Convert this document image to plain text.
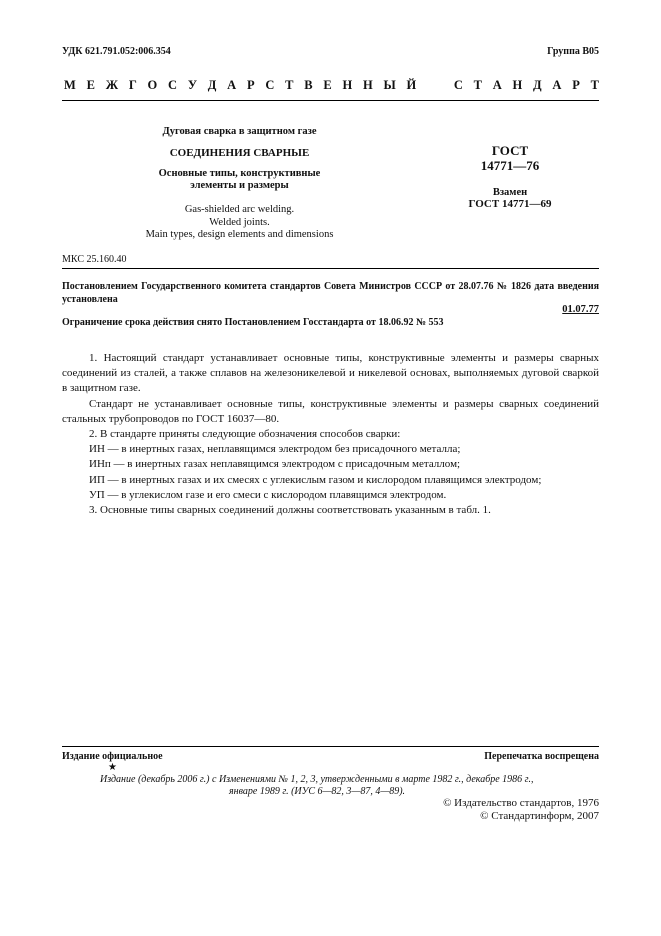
УДК 621.791.052:006.354	Группа В05
М Е Ж Г О С У Д А Р С Т В Е Н Н Ы Й	С Т А Н Д А Р Т
Дуговая сварка в защитном газе
СОЕДИНЕНИЯ СВАРНЫЕ
Основные типы, конструктивные
элементы и размеры
Gas-shielded arc welding.
Welded joints.
Main types, design elements and dimensions
ГОСТ
14771—76
Взамен
ГОСТ 14771—69
МКС 25.160.40
Постановлением Государственного комитета стандартов Совета Министров СССР от 28.07.76 № 1826 дата введения установлена
01.07.77
Ограничение срока действия снято Постановлением Госстандарта от 18.06.92 № 553

1. Настоящий стандарт устанавливает основные типы, конструктивные элементы и размеры сварных соединений из сталей, а также сплавов на железоникелевой и никелевой основах, выполняемых дуговой сваркой в защитном газе.

Стандарт не устанавливает основные типы, конструктивные элементы и размеры сварных соединений стальных трубопроводов по ГОСТ 16037—80.

2. В стандарте приняты следующие обозначения способов сварки:

ИН — в инертных газах, неплавящимся электродом без присадочного металла;

ИНп — в инертных газах неплавящимся электродом с присадочным металлом;

ИП — в инертных газах и их смесях с углекислым газом и кислородом плавящимся электродом;

УП — в углекислом газе и его смеси с кислородом плавящимся электродом.

3. Основные типы сварных соединений должны соответствовать указанным в табл. 1.

Издание официальное	Перепечатка воспрещена
★
Издание (декабрь 2006 г.) с Изменениями № 1, 2, 3, утвержденными в марте 1982 г., декабре 1986 г.,
январе 1989 г. (ИУС 6—82, 3—87, 4—89).
© Издательство стандартов, 1976
© Стандартинформ, 2007
